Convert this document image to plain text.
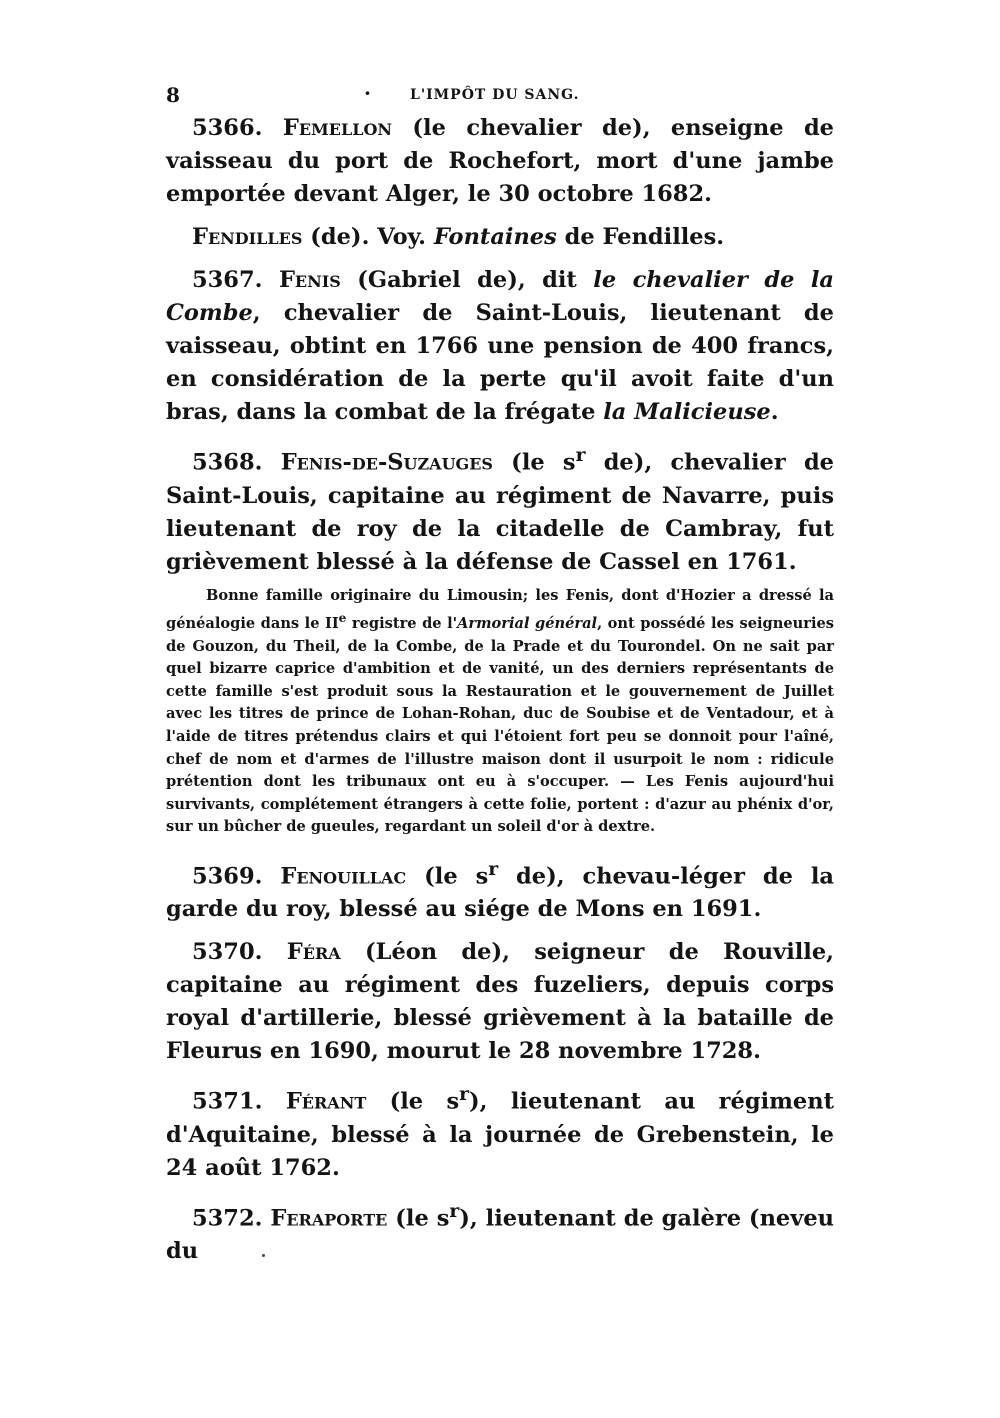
8	·	L'IMPÔT DU SANG.

5366. Femellon (le chevalier de), enseigne de vaisseau du port de Rochefort, mort d'une jambe emportée devant Alger, le 30 octobre 1682.

Fendilles (de). Voy. Fontaines de Fendilles.

5367. Fenis (Gabriel de), dit le chevalier de la Combe, chevalier de Saint-Louis, lieutenant de vaisseau, obtint en 1766 une pension de 400 francs, en considération de la perte qu'il avoit faite d'un bras, dans la combat de la frégate la Malicieuse.

5368. Fenis-de-Suzauges (le $s^r$ de), chevalier de Saint-Louis, capitaine au régiment de Navarre, puis lieutenant de roy de la citadelle de Cambray, fut grièvement blessé à la défense de Cassel en 1761.

Bonne famille originaire du Limousin; les Fenis, dont d'Hozier a dressé la généalogie dans le IIe registre de l'Armorial général, ont possédé les seigneuries de Gouzon, du Theil, de la Combe, de la Prade et du Tourondel. On ne sait par quel bizarre caprice d'ambition et de vanité, un des derniers représentants de cette famille s'est produit sous la Restauration et le gouvernement de Juillet avec les titres de prince de Lohan-Rohan, duc de Soubise et de Ventadour, et à l'aide de titres prétendus clairs et qui l'étoient fort peu se donnoit pour l'aîné, chef de nom et d'armes de l'illustre maison dont il usurpoit le nom : ridicule prétention dont les tribunaux ont eu à s'occuper. — Les Fenis aujourd'hui survivants, complétement étrangers à cette folie, portent : d'azur au phénix d'or, sur un bûcher de gueules, regardant un soleil d'or à dextre.

5369. Fenouillac (le $s^r$ de), chevau-léger de la garde du roy, blessé au siége de Mons en 1691.

5370. Féra (Léon de), seigneur de Rouville, capitaine au régiment des fuzeliers, depuis corps royal d'artillerie, blessé grièvement à la bataille de Fleurus en 1690, mourut le 28 novembre 1728.

5371. Férant (le $s^r$), lieutenant au régiment d'Aquitaine, blessé à la journée de Grebenstein, le 24 août 1762.

5372. Feraporte (le $s^r$), lieutenant de galère (neveu du
